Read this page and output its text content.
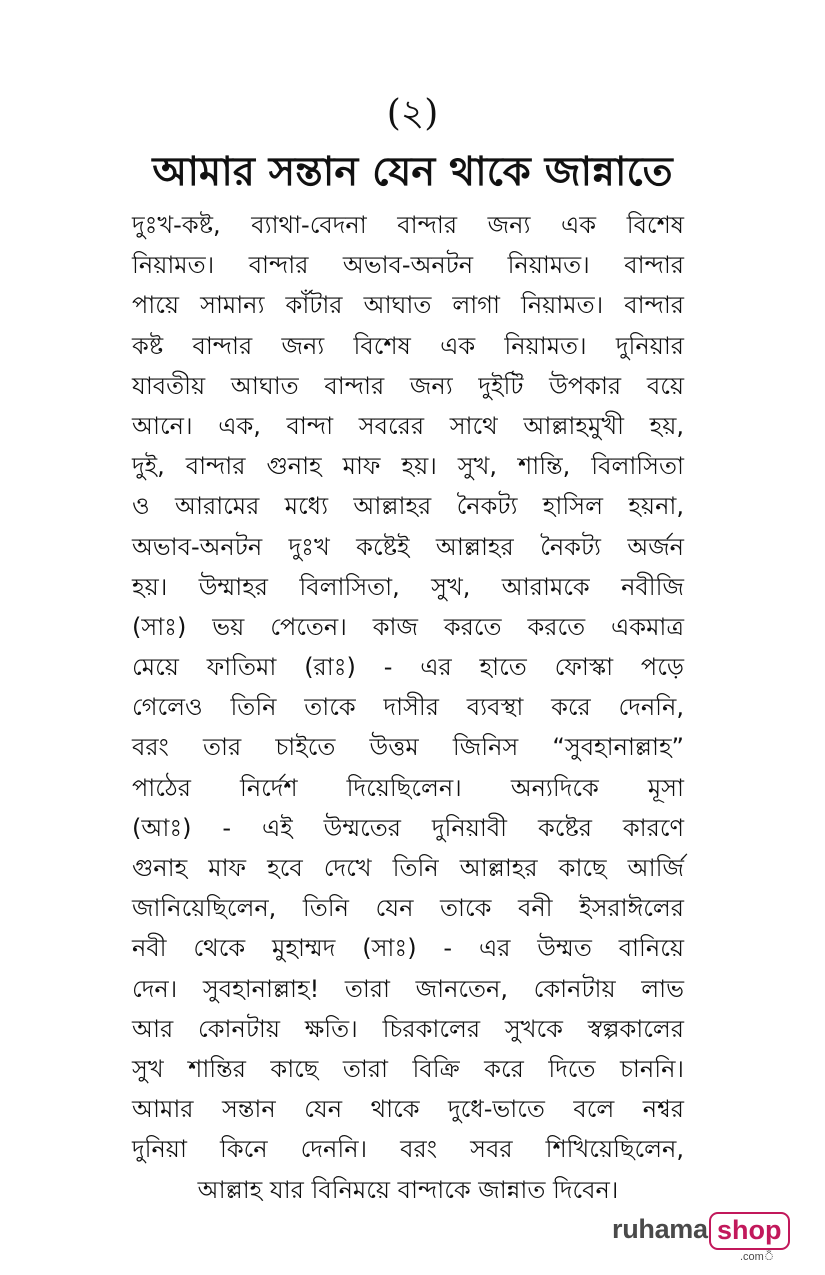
(২)
আমার সন্তান যেন থাকে জান্নাতে
দুঃখ-কষ্ট, ব্যাথা-বেদনা বান্দার জন্য এক বিশেষ
নিয়ামত। বান্দার অভাব-অনটন নিয়ামত। বান্দার
পায়ে সামান্য কাঁটার আঘাত লাগা নিয়ামত। বান্দার
কষ্ট বান্দার জন্য বিশেষ এক নিয়ামত। দুনিয়ার
যাবতীয় আঘাত বান্দার জন্য দুইটি উপকার বয়ে
আনে। এক, বান্দা সবরের সাথে আল্লাহমুখী হয়,
দুই, বান্দার গুনাহ মাফ হয়। সুখ, শান্তি, বিলাসিতা
ও আরামের মধ্যে আল্লাহর নৈকট্য হাসিল হয়না,
অভাব-অনটন দুঃখ কষ্টেই আল্লাহর নৈকট্য অর্জন
হয়। উম্মাহর বিলাসিতা, সুখ, আরামকে নবীজি
(সাঃ) ভয় পেতেন। কাজ করতে করতে একমাত্র
মেয়ে ফাতিমা (রাঃ) - এর হাতে ফোস্কা পড়ে
গেলেও তিনি তাকে দাসীর ব্যবস্থা করে দেননি,
বরং তার চাইতে উত্তম জিনিস “সুবহানাল্লাহ”
পাঠের নির্দেশ দিয়েছিলেন। অন্যদিকে মূসা
(আঃ) - এই উম্মতের দুনিয়াবী কষ্টের কারণে
গুনাহ মাফ হবে দেখে তিনি আল্লাহর কাছে আর্জি
জানিয়েছিলেন, তিনি যেন তাকে বনী ইসরাঈলের
নবী থেকে মুহাম্মদ (সাঃ) - এর উম্মত বানিয়ে
দেন। সুবহানাল্লাহ! তারা জানতেন, কোনটায় লাভ
আর কোনটায় ক্ষতি। চিরকালের সুখকে স্বল্পকালের
সুখ শান্তির কাছে তারা বিক্রি করে দিতে চাননি।
আমার সন্তান যেন থাকে দুধে-ভাতে বলে নশ্বর
দুনিয়া কিনে দেননি। বরং সবর শিখিয়েছিলেন,
আল্লাহ যার বিনিময়ে বান্দাকে জান্নাত দিবেন।
ruhama shop
.comঁ
